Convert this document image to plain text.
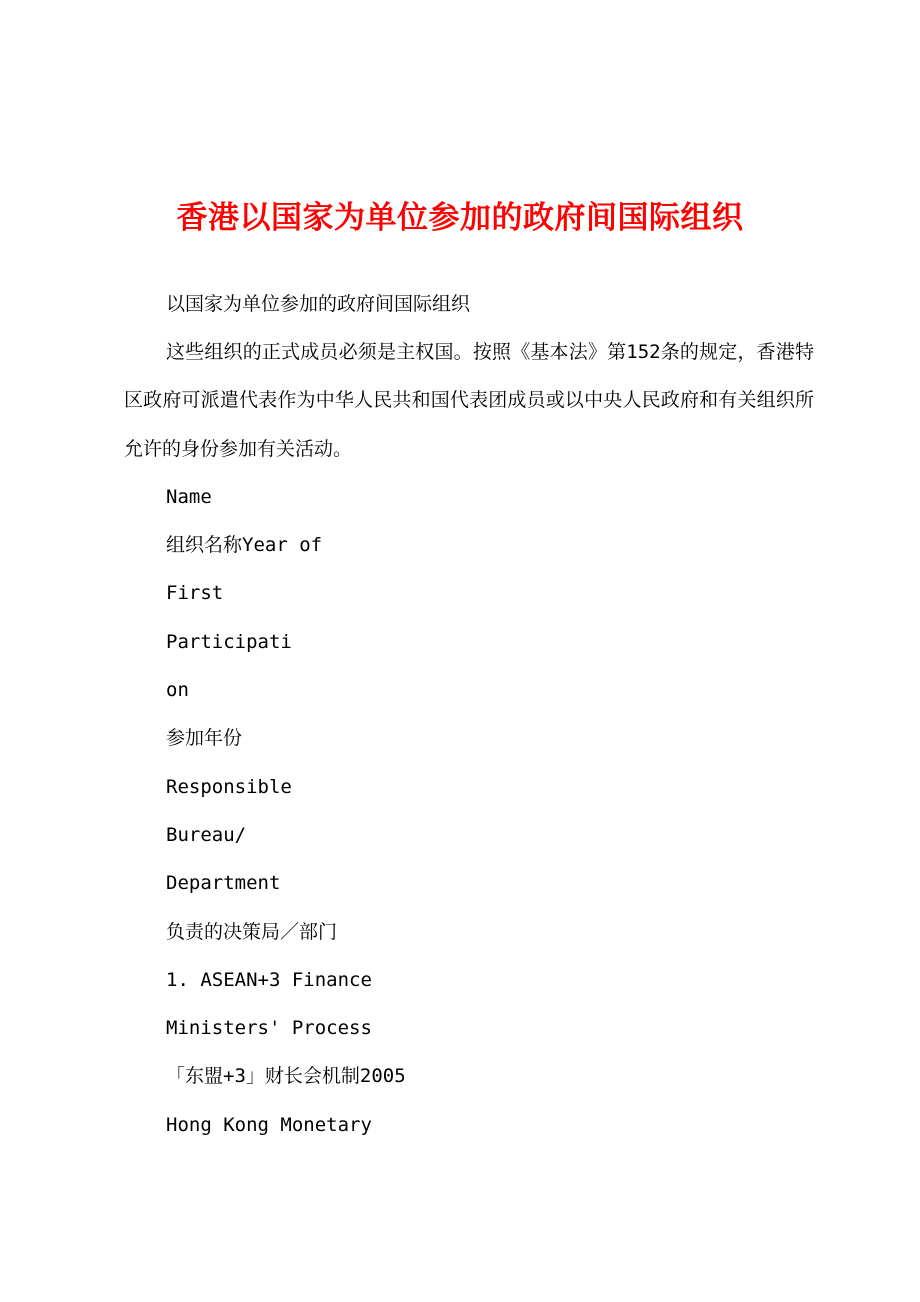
香港以国家为单位参加的政府间国际组织

以国家为单位参加的政府间国际组织

这些组织的正式成员必须是主权国。按照《基本法》第152条的规定，香港特区政府可派遣代表作为中华人民共和国代表团成员或以中央人民政府和有关组织所允许的身份参加有关活动。

Name

组织名称Year of

First

Participati

on

参加年份

Responsible

Bureau/

Department

负责的决策局／部门

1. ASEAN+3 Finance

Ministers' Process

「东盟+3」财长会机制2005

Hong Kong Monetary
